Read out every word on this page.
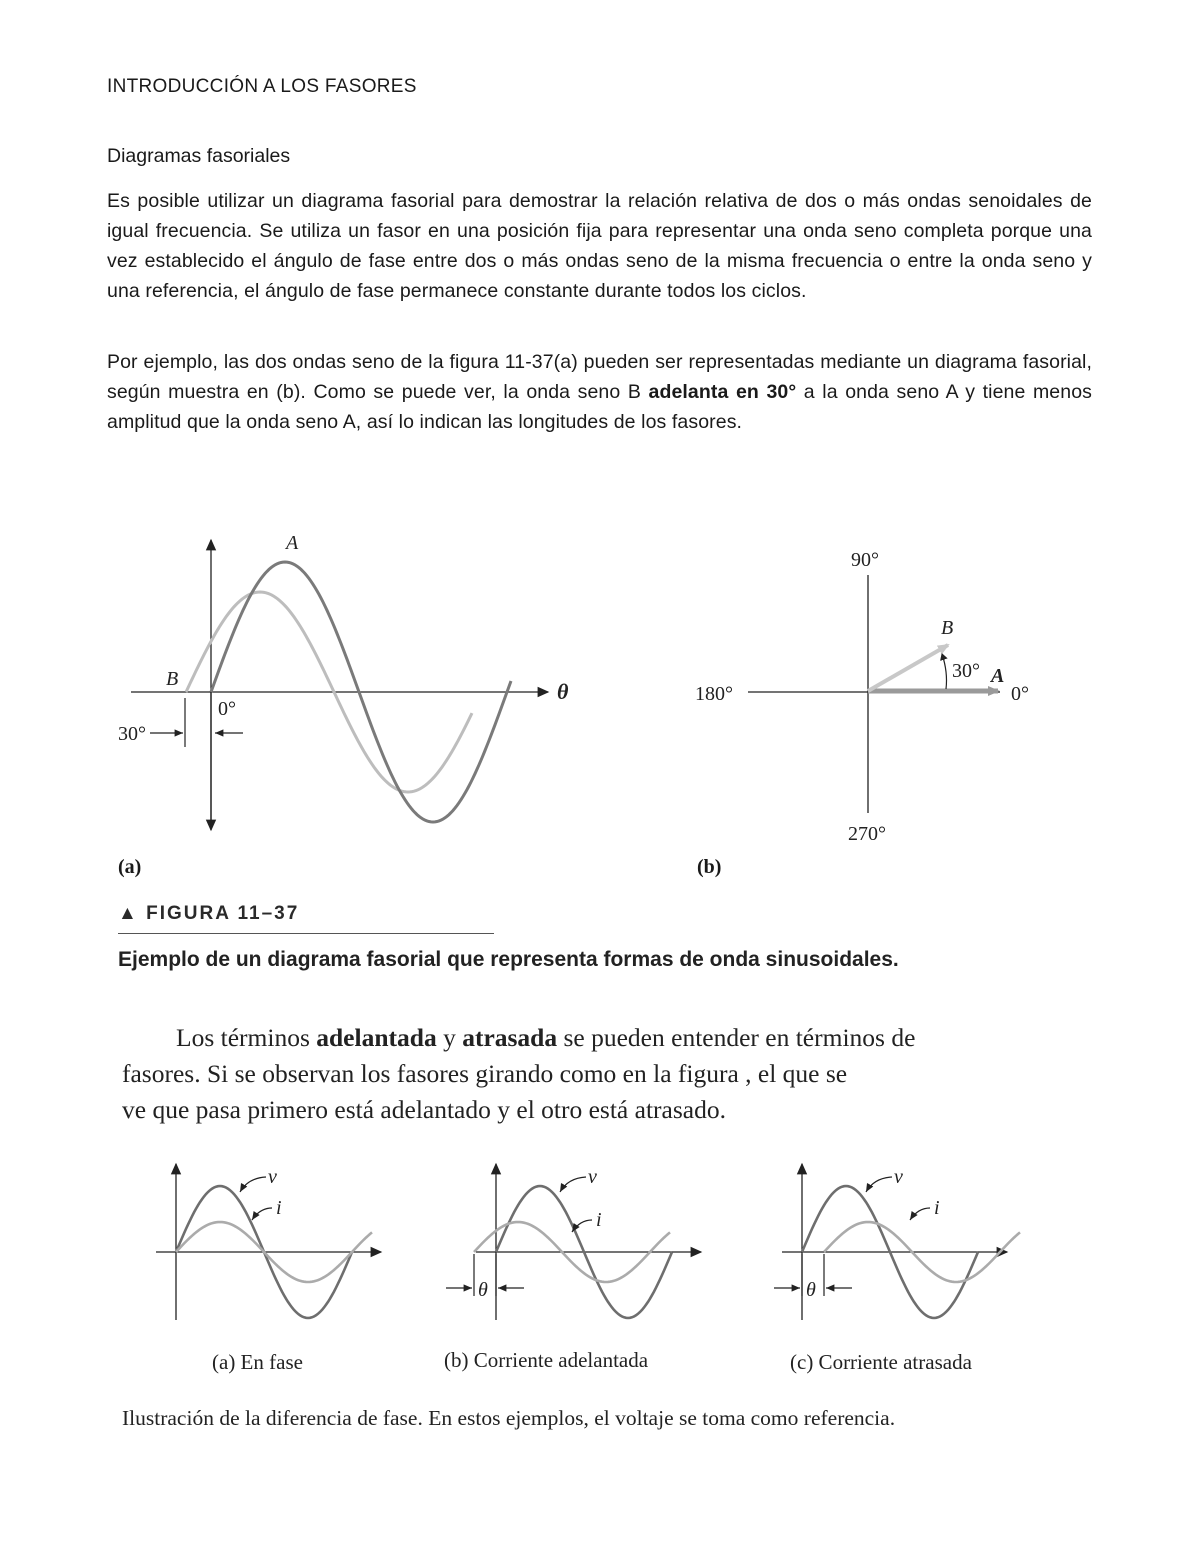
INTRODUCCIÓN A LOS FASORES
Diagramas fasoriales
Es posible utilizar un diagrama fasorial para demostrar la relación relativa de dos o más ondas senoidales de igual frecuencia. Se utiliza un fasor en una posición fija para representar una onda seno completa porque una vez establecido el ángulo de fase entre dos o más ondas seno de la misma frecuencia o entre la onda seno y una referencia, el ángulo de fase permanece constante durante todos los ciclos.
Por ejemplo, las dos ondas seno de la figura 11-37(a) pueden ser representadas mediante un diagrama fasorial, según muestra en (b). Como se puede ver, la onda seno B adelanta en 30° a la onda seno A y tiene menos amplitud que la onda seno A, así lo indican las longitudes de los fasores.
A
B	θ
0°
30°
(a)
90°
180°	0°
270°
A
B
30°
(b)
▲ FIGURA 11–37
Ejemplo de un diagrama fasorial que representa formas de onda sinusoidales.
Los términos adelantada y atrasada se pueden entender en términos de
fasores. Si se observan los fasores girando como en la figura , el que se
ve que pasa primero está adelantado y el otro está atrasado.
v
i
v
i
θ
v
i
θ
(a) En fase	(b) Corriente adelantada	(c) Corriente atrasada
Ilustración de la diferencia de fase. En estos ejemplos, el voltaje se toma como referencia.
